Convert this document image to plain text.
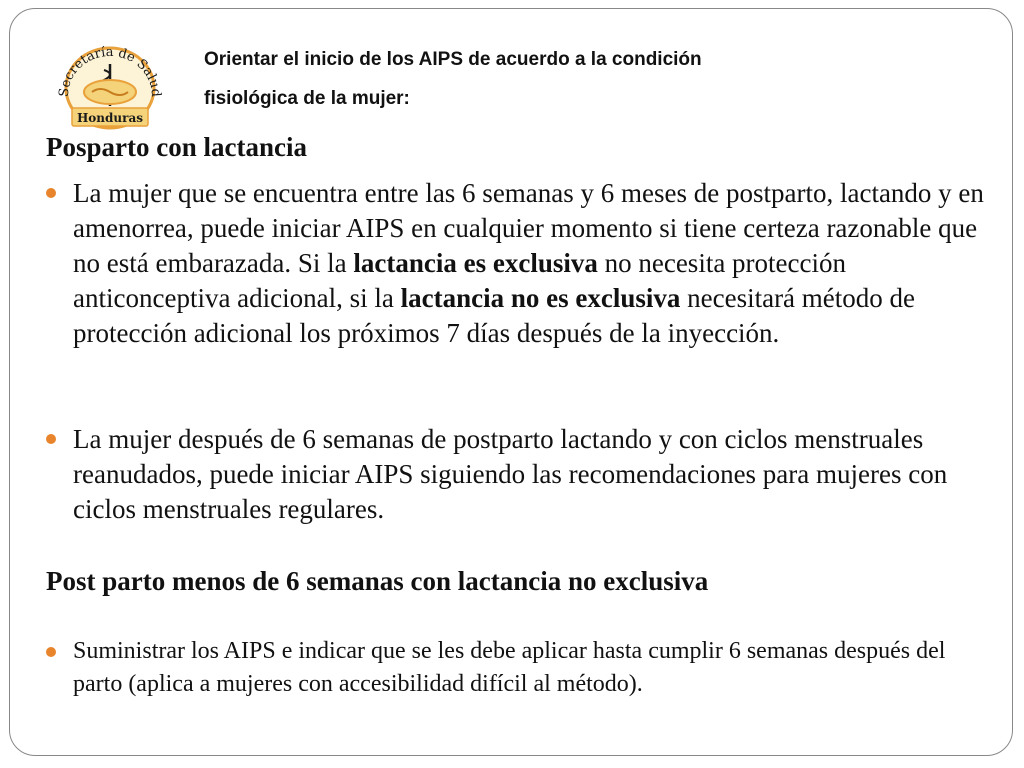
Secretaría de Salud
Honduras
Orientar el inicio de los AIPS de acuerdo a la condición
fisiológica de la mujer:
Posparto con lactancia
La mujer que se encuentra entre las 6 semanas y 6 meses de postparto, lactando y en amenorrea, puede iniciar AIPS en cualquier momento si tiene certeza razonable que no está embarazada. Si la lactancia es exclusiva no necesita protección anticonceptiva adicional, si la lactancia no es exclusiva necesitará método de protección adicional los próximos 7 días después de la inyección.
La mujer después de 6 semanas de postparto lactando y con ciclos menstruales reanudados, puede iniciar AIPS siguiendo las recomendaciones para mujeres con ciclos menstruales regulares.
Post parto menos de 6 semanas con lactancia no exclusiva
Suministrar los AIPS e indicar que se les debe aplicar hasta cumplir 6 semanas después del parto (aplica a mujeres con accesibilidad difícil al método).
